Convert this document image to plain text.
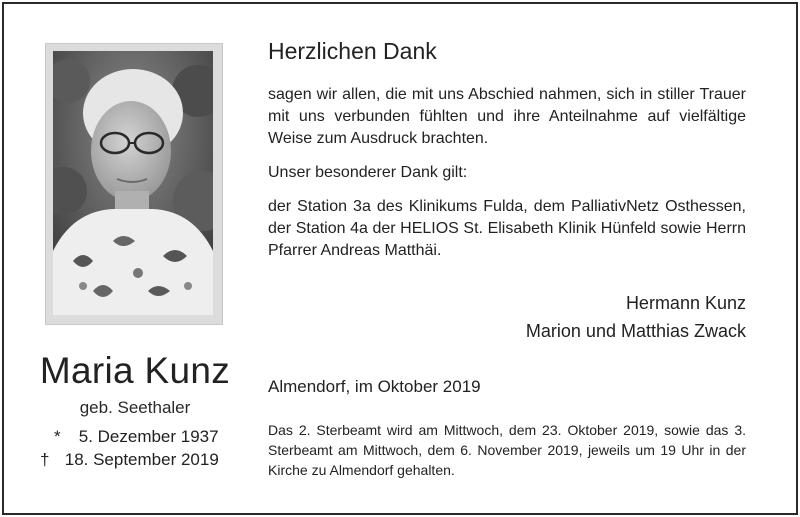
Maria Kunz
geb. Seethaler
* 5. Dezember 1937
† 18. September 2019
Herzlichen Dank
sagen wir allen, die mit uns Abschied nahmen, sich in stiller Trauer mit uns verbunden fühlten und ihre Anteilnahme auf vielfältige Weise zum Ausdruck brachten.
Unser besonderer Dank gilt:
der Station 3a des Klinikums Fulda, dem PalliativNetz Osthessen, der Station 4a der HELIOS St. Elisabeth Klinik Hünfeld sowie Herrn Pfarrer Andreas Matthäi.
Hermann Kunz
Marion und Matthias Zwack
Almendorf, im Oktober 2019
Das 2. Sterbeamt wird am Mittwoch, dem 23. Oktober 2019, sowie das 3. Sterbeamt am Mittwoch, dem 6. November 2019, jeweils um 19 Uhr in der Kirche zu Almendorf gehalten.
